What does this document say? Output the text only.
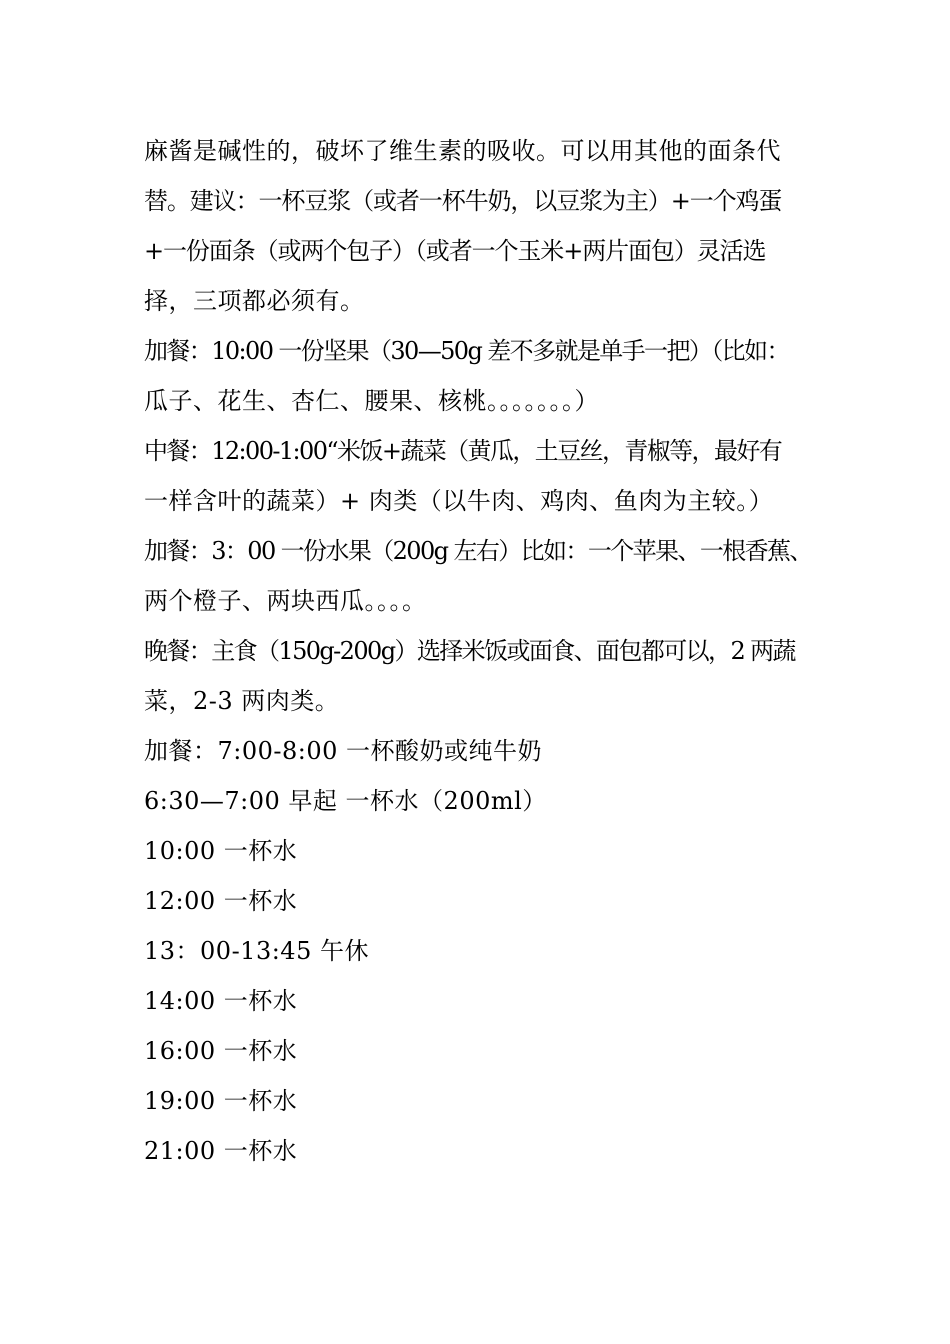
麻酱是碱性的，破坏了维生素的吸收。可以用其他的面条代
替。建议：一杯豆浆（或者一杯牛奶，以豆浆为主）+一个鸡蛋
+一份面条（或两个包子）（或者一个玉米+两片面包）灵活选
择，三项都必须有。
加餐：10:00 一份坚果（30—50g 差不多就是单手一把）（比如：
瓜子、花生、杏仁、腰果、核桃。。。。。。。）
中餐：12:00-1:00“米饭+蔬菜（黄瓜，土豆丝，青椒等，最好有
一样含叶的蔬菜）+ 肉类（以牛肉、鸡肉、鱼肉为主较。）
加餐：3：00 一份水果（200g 左右）比如：一个苹果、一根香蕉、
两个橙子、两块西瓜。。。。
晚餐：主食（150g-200g）选择米饭或面食、面包都可以，2 两蔬
菜，2-3 两肉类。
加餐：7:00-8:00 一杯酸奶或纯牛奶
6:30—7:00 早起 一杯水（200ml）
10:00 一杯水
12:00 一杯水
13：00-13:45 午休
14:00 一杯水
16:00 一杯水
19:00 一杯水
21:00 一杯水
